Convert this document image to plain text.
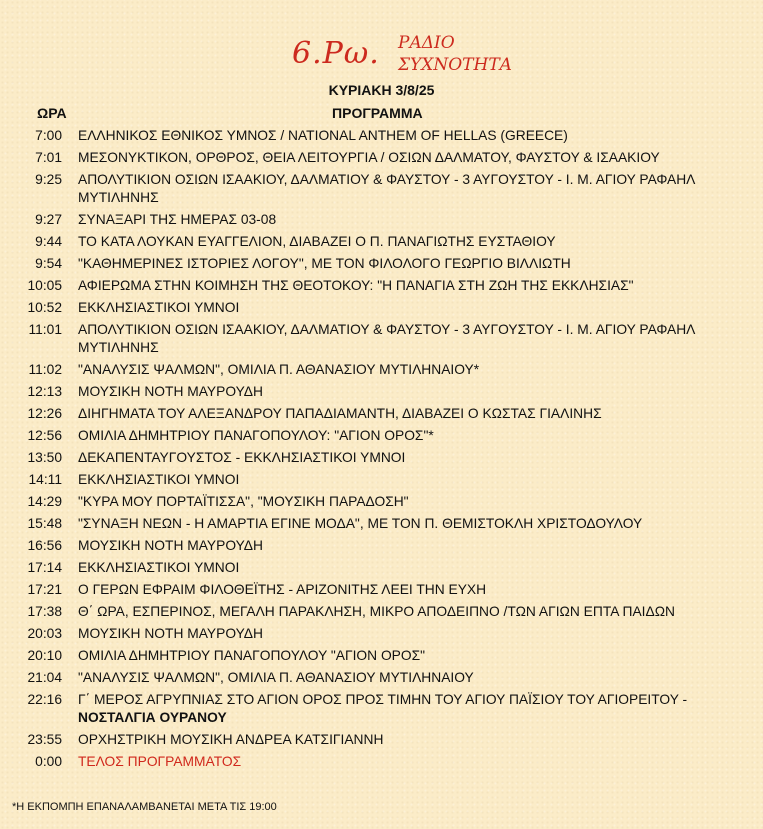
6.Ρω. ΡΑΔΙΟ
ΣΥΧΝΟΤΗΤΑ
ΚΥΡΙΑΚΗ 3/8/25
ΩΡΑ	ΠΡΟΓΡΑΜΜΑ
7:00 ΕΛΛΗΝΙΚΟΣ ΕΘΝΙΚΟΣ ΥΜΝΟΣ / NATIONAL ANTHEM OF HELLAS (GREECE)
7:01 ΜΕΣΟΝΥΚΤΙΚΟΝ, ΟΡΘΡΟΣ, ΘΕΙΑ ΛΕΙΤΟΥΡΓΙΑ / ΟΣΙΩΝ ΔΑΛΜΑΤΟΥ, ΦΑΥΣΤΟΥ & ΙΣΑΑΚΙΟΥ
9:25 ΑΠΟΛΥΤΙΚΙΟΝ ΟΣΙΩΝ ΙΣΑΑΚΙΟΥ, ΔΑΛΜΑΤΙΟΥ & ΦΑΥΣΤΟΥ - 3 ΑΥΓΟΥΣΤΟΥ - Ι. Μ. ΑΓΙΟΥ ΡΑΦΑΗΛ ΜΥΤΙΛΗΝΗΣ
9:27 ΣΥΝΑΞΑΡΙ ΤΗΣ ΗΜΕΡΑΣ 03-08
9:44 ΤΟ ΚΑΤΑ ΛΟΥΚΑΝ ΕΥΑΓΓΕΛΙΟΝ, ΔΙΑΒΑΖΕΙ Ο Π. ΠΑΝΑΓΙΩΤΗΣ ΕΥΣΤΑΘΙΟΥ
9:54 "ΚΑΘΗΜΕΡΙΝΕΣ ΙΣΤΟΡΙΕΣ ΛΟΓΟΥ", ΜΕ ΤΟΝ ΦΙΛΟΛΟΓΟ ΓΕΩΡΓΙΟ ΒΙΛΛΙΩΤΗ
10:05 ΑΦΙΕΡΩΜΑ ΣΤΗΝ ΚΟΙΜΗΣΗ ΤΗΣ ΘΕΟΤΟΚΟΥ: "Η ΠΑΝΑΓΙΑ ΣΤΗ ΖΩΗ ΤΗΣ ΕΚΚΛΗΣΙΑΣ"
10:52 ΕΚΚΛΗΣΙΑΣΤΙΚΟΙ ΥΜΝΟΙ
11:01 ΑΠΟΛΥΤΙΚΙΟΝ ΟΣΙΩΝ ΙΣΑΑΚΙΟΥ, ΔΑΛΜΑΤΙΟΥ & ΦΑΥΣΤΟΥ - 3 ΑΥΓΟΥΣΤΟΥ - Ι. Μ. ΑΓΙΟΥ ΡΑΦΑΗΛ ΜΥΤΙΛΗΝΗΣ
11:02 "ΑΝΑΛΥΣΙΣ ΨΑΛΜΩΝ", ΟΜΙΛΙΑ Π. ΑΘΑΝΑΣΙΟΥ ΜΥΤΙΛΗΝΑΙΟΥ*
12:13 ΜΟΥΣΙΚΗ ΝΟΤΗ ΜΑΥΡΟΥΔΗ
12:26 ΔΙΗΓΗΜΑΤΑ ΤΟΥ ΑΛΕΞΑΝΔΡΟΥ ΠΑΠΑΔΙΑΜΑΝΤΗ, ΔΙΑΒΑΖΕΙ Ο ΚΩΣΤΑΣ ΓΙΑΛΙΝΗΣ
12:56 ΟΜΙΛΙΑ ΔΗΜΗΤΡΙΟΥ ΠΑΝΑΓΟΠΟΥΛΟΥ: "ΑΓΙΟΝ ΟΡΟΣ"*
13:50 ΔΕΚΑΠΕΝΤΑΥΓΟΥΣΤΟΣ - ΕΚΚΛΗΣΙΑΣΤΙΚΟΙ ΥΜΝΟΙ
14:11 ΕΚΚΛΗΣΙΑΣΤΙΚΟΙ ΥΜΝΟΙ
14:29 "ΚΥΡΑ ΜΟΥ ΠΟΡΤΑΪΤΙΣΣΑ", "ΜΟΥΣΙΚΗ ΠΑΡΑΔΟΣΗ"
15:48 "ΣΥΝΑΞΗ ΝΕΩΝ - Η ΑΜΑΡΤΙΑ ΕΓΙΝΕ ΜΟΔΑ", ΜΕ ΤΟΝ Π. ΘΕΜΙΣΤΟΚΛΗ ΧΡΙΣΤΟΔΟΥΛΟΥ
16:56 ΜΟΥΣΙΚΗ ΝΟΤΗ ΜΑΥΡΟΥΔΗ
17:14 ΕΚΚΛΗΣΙΑΣΤΙΚΟΙ ΥΜΝΟΙ
17:21 Ο ΓΕΡΩΝ ΕΦΡΑΙΜ ΦΙΛΟΘΕΪΤΗΣ - ΑΡΙΖΟΝΙΤΗΣ ΛΕΕΙ ΤΗΝ ΕΥΧΗ
17:38 Θ΄ ΩΡΑ, ΕΣΠΕΡΙΝΟΣ, ΜΕΓΑΛΗ ΠΑΡΑΚΛΗΣΗ, ΜΙΚΡΟ ΑΠΟΔΕΙΠΝΟ /ΤΩΝ ΑΓΙΩΝ ΕΠΤΑ ΠΑΙΔΩΝ
20:03 ΜΟΥΣΙΚΗ ΝΟΤΗ ΜΑΥΡΟΥΔΗ
20:10 ΟΜΙΛΙΑ ΔΗΜΗΤΡΙΟΥ ΠΑΝΑΓΟΠΟΥΛΟΥ "ΑΓΙΟΝ ΟΡΟΣ"
21:04 "ΑΝΑΛΥΣΙΣ ΨΑΛΜΩΝ", ΟΜΙΛΙΑ Π. ΑΘΑΝΑΣΙΟΥ ΜΥΤΙΛΗΝΑΙΟΥ
22:16 Γ΄ ΜΕΡΟΣ ΑΓΡΥΠΝΙΑΣ ΣΤΟ ΑΓΙΟΝ ΟΡΟΣ ΠΡΟΣ ΤΙΜΗΝ ΤΟΥ ΑΓΙΟΥ ΠΑΪΣΙΟΥ ΤΟΥ ΑΓΙΟΡΕΙΤΟΥ -
ΝΟΣΤΑΛΓΙΑ ΟΥΡΑΝΟΥ
23:55 ΟΡΧΗΣΤΡΙΚΗ ΜΟΥΣΙΚΗ ΑΝΔΡΕΑ ΚΑΤΣΙΓΙΑΝΝΗ
0:00 ΤΕΛΟΣ ΠΡΟΓΡΑΜΜΑΤΟΣ
*Η ΕΚΠΟΜΠΗ ΕΠΑΝΑΛΑΜΒΑΝΕΤΑΙ ΜΕΤΑ ΤΙΣ 19:00
